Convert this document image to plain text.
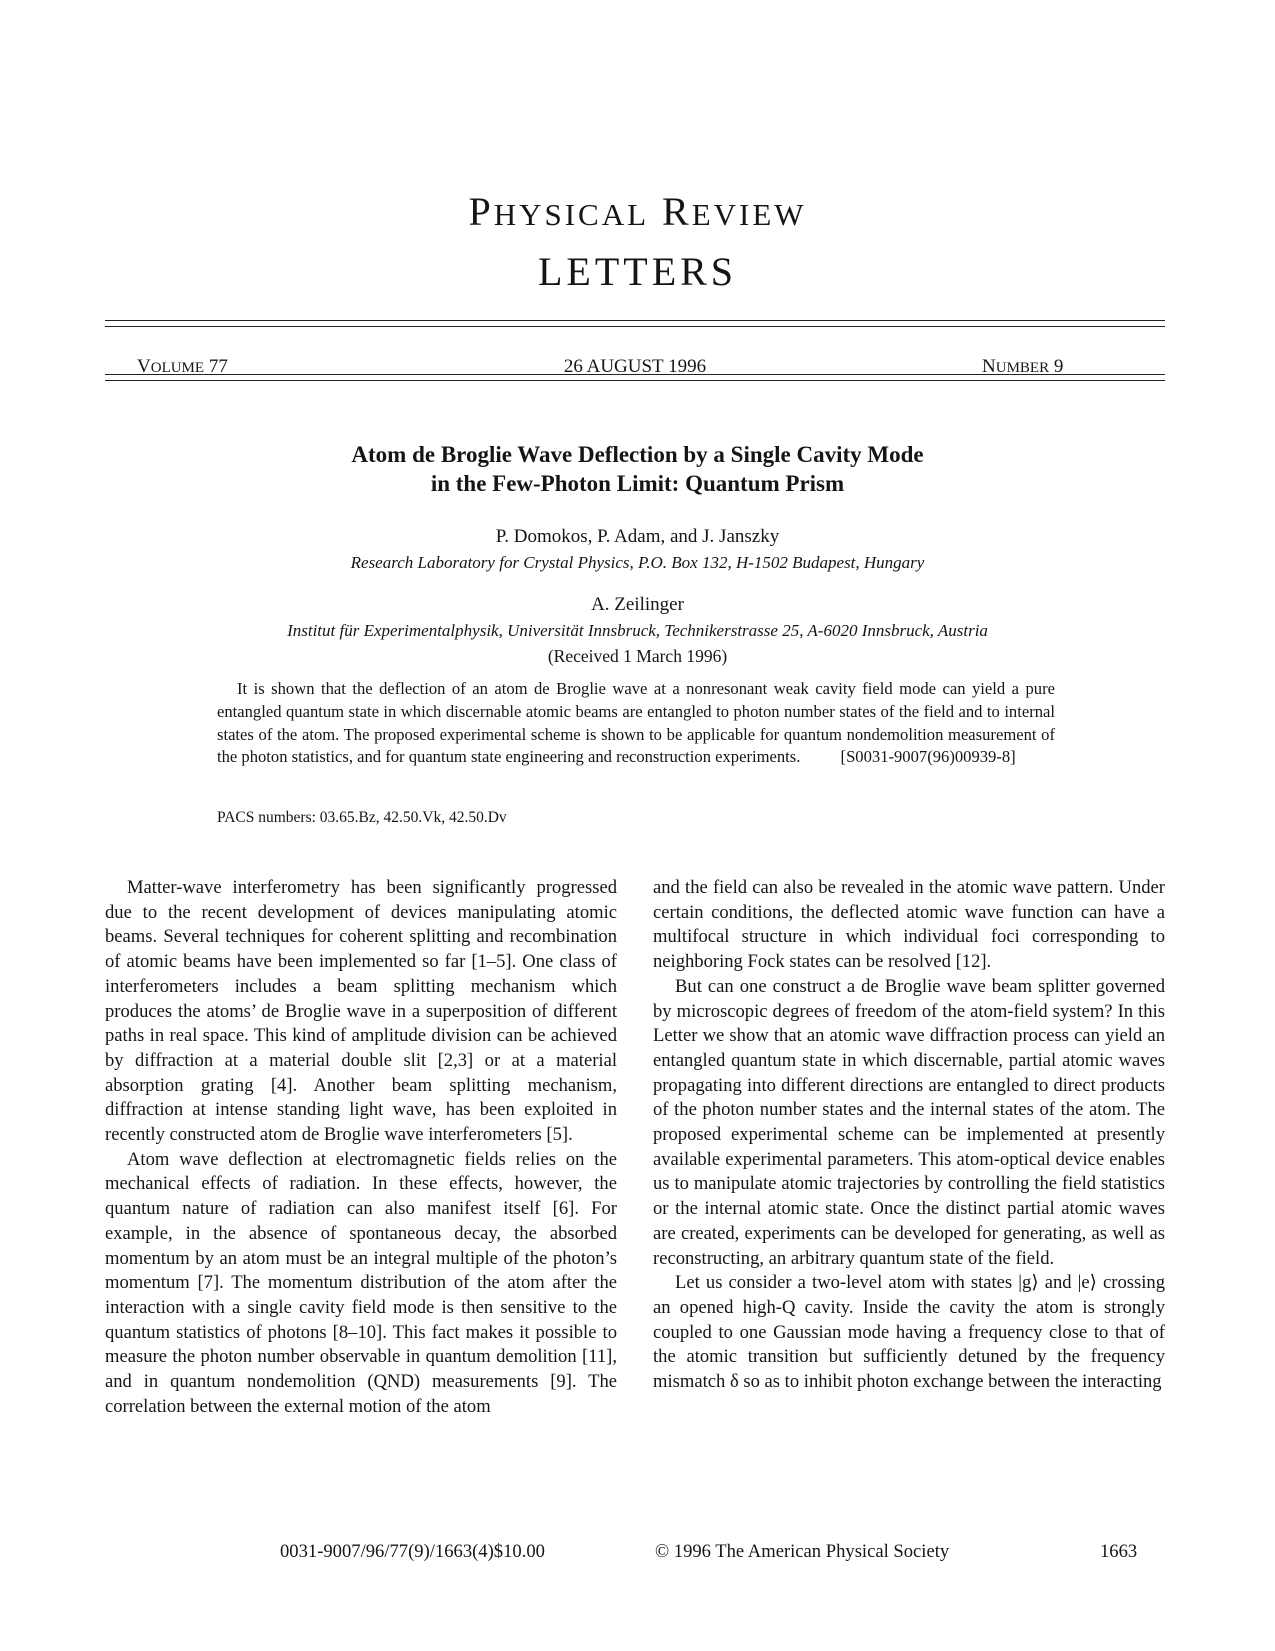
PHYSICAL REVIEW
LETTERS
VOLUME 77	26 AUGUST 1996	NUMBER 9
Atom de Broglie Wave Deflection by a Single Cavity Mode
in the Few-Photon Limit: Quantum Prism
P. Domokos, P. Adam, and J. Janszky
Research Laboratory for Crystal Physics, P.O. Box 132, H-1502 Budapest, Hungary
A. Zeilinger
Institut für Experimentalphysik, Universität Innsbruck, Technikerstrasse 25, A-6020 Innsbruck, Austria
(Received 1 March 1996)
It is shown that the deflection of an atom de Broglie wave at a nonresonant weak cavity field mode can yield a pure entangled quantum state in which discernable atomic beams are entangled to photon number states of the field and to internal states of the atom. The proposed experimental scheme is shown to be applicable for quantum nondemolition measurement of the photon statistics, and for quantum state engineering and reconstruction experiments. [S0031-9007(96)00939-8]
PACS numbers: 03.65.Bz, 42.50.Vk, 42.50.Dv

Matter-wave interferometry has been significantly progressed due to the recent development of devices manipulating atomic beams. Several techniques for coherent splitting and recombination of atomic beams have been implemented so far [1–5]. One class of interferometers includes a beam splitting mechanism which produces the atoms’ de Broglie wave in a superposition of different paths in real space. This kind of amplitude division can be achieved by diffraction at a material double slit [2,3] or at a material absorption grating [4]. Another beam splitting mechanism, diffraction at intense standing light wave, has been exploited in recently constructed atom de Broglie wave interferometers [5].

Atom wave deflection at electromagnetic fields relies on the mechanical effects of radiation. In these effects, however, the quantum nature of radiation can also manifest itself [6]. For example, in the absence of spontaneous decay, the absorbed momentum by an atom must be an integral multiple of the photon’s momentum [7]. The momentum distribution of the atom after the interaction with a single cavity field mode is then sensitive to the quantum statistics of photons [8–10]. This fact makes it possible to measure the photon number observable in quantum demolition [11], and in quantum nondemolition (QND) measurements [9]. The correlation between the external motion of the atom

and the field can also be revealed in the atomic wave pattern. Under certain conditions, the deflected atomic wave function can have a multifocal structure in which individual foci corresponding to neighboring Fock states can be resolved [12].

But can one construct a de Broglie wave beam splitter governed by microscopic degrees of freedom of the atom-field system? In this Letter we show that an atomic wave diffraction process can yield an entangled quantum state in which discernable, partial atomic waves propagating into different directions are entangled to direct products of the photon number states and the internal states of the atom. The proposed experimental scheme can be implemented at presently available experimental parameters. This atom-optical device enables us to manipulate atomic trajectories by controlling the field statistics or the internal atomic state. Once the distinct partial atomic waves are created, experiments can be developed for generating, as well as reconstructing, an arbitrary quantum state of the field.

Let us consider a two-level atom with states |g⟩ and |e⟩ crossing an opened high-Q cavity. Inside the cavity the atom is strongly coupled to one Gaussian mode having a frequency close to that of the atomic transition but sufficiently detuned by the frequency mismatch δ so as to inhibit photon exchange between the interacting

0031-9007/96/77(9)/1663(4)$10.00	© 1996 The American Physical Society	1663
